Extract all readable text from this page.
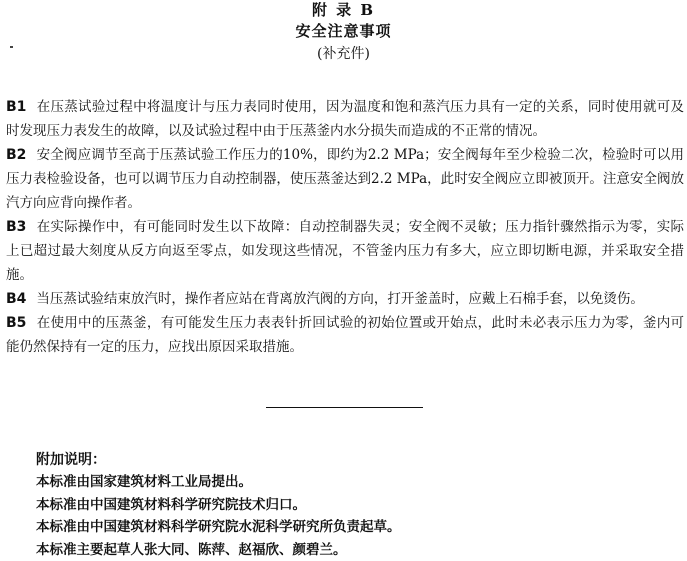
附 录 B
安全注意事项
(补充件)

B1 在压蒸试验过程中将温度计与压力表同时使用，因为温度和饱和蒸汽压力具有一定的关系，同时使用就可及时发现压力表发生的故障，以及试验过程中由于压蒸釜内水分损失而造成的不正常的情况。

B2 安全阀应调节至高于压蒸试验工作压力的10%，即约为2.2 MPa；安全阀每年至少检验二次，检验时可以用压力表检验设备，也可以调节压力自动控制器，使压蒸釜达到2.2 MPa，此时安全阀应立即被顶开。注意安全阀放汽方向应背向操作者。

B3 在实际操作中，有可能同时发生以下故障：自动控制器失灵；安全阀不灵敏；压力指针骤然指示为零，实际上已超过最大刻度从反方向返至零点，如发现这些情况，不管釜内压力有多大，应立即切断电源，并采取安全措施。

B4 当压蒸试验结束放汽时，操作者应站在背离放汽阀的方向，打开釜盖时，应戴上石棉手套，以免烫伤。

B5 在使用中的压蒸釜，有可能发生压力表表针折回试验的初始位置或开始点，此时未必表示压力为零，釜内可能仍然保持有一定的压力，应找出原因采取措施。

附加说明：
本标准由国家建筑材料工业局提出。
本标准由中国建筑材料科学研究院技术归口。
本标准由中国建筑材料科学研究院水泥科学研究所负责起草。
本标准主要起草人张大同、陈萍、赵福欣、颜碧兰。
